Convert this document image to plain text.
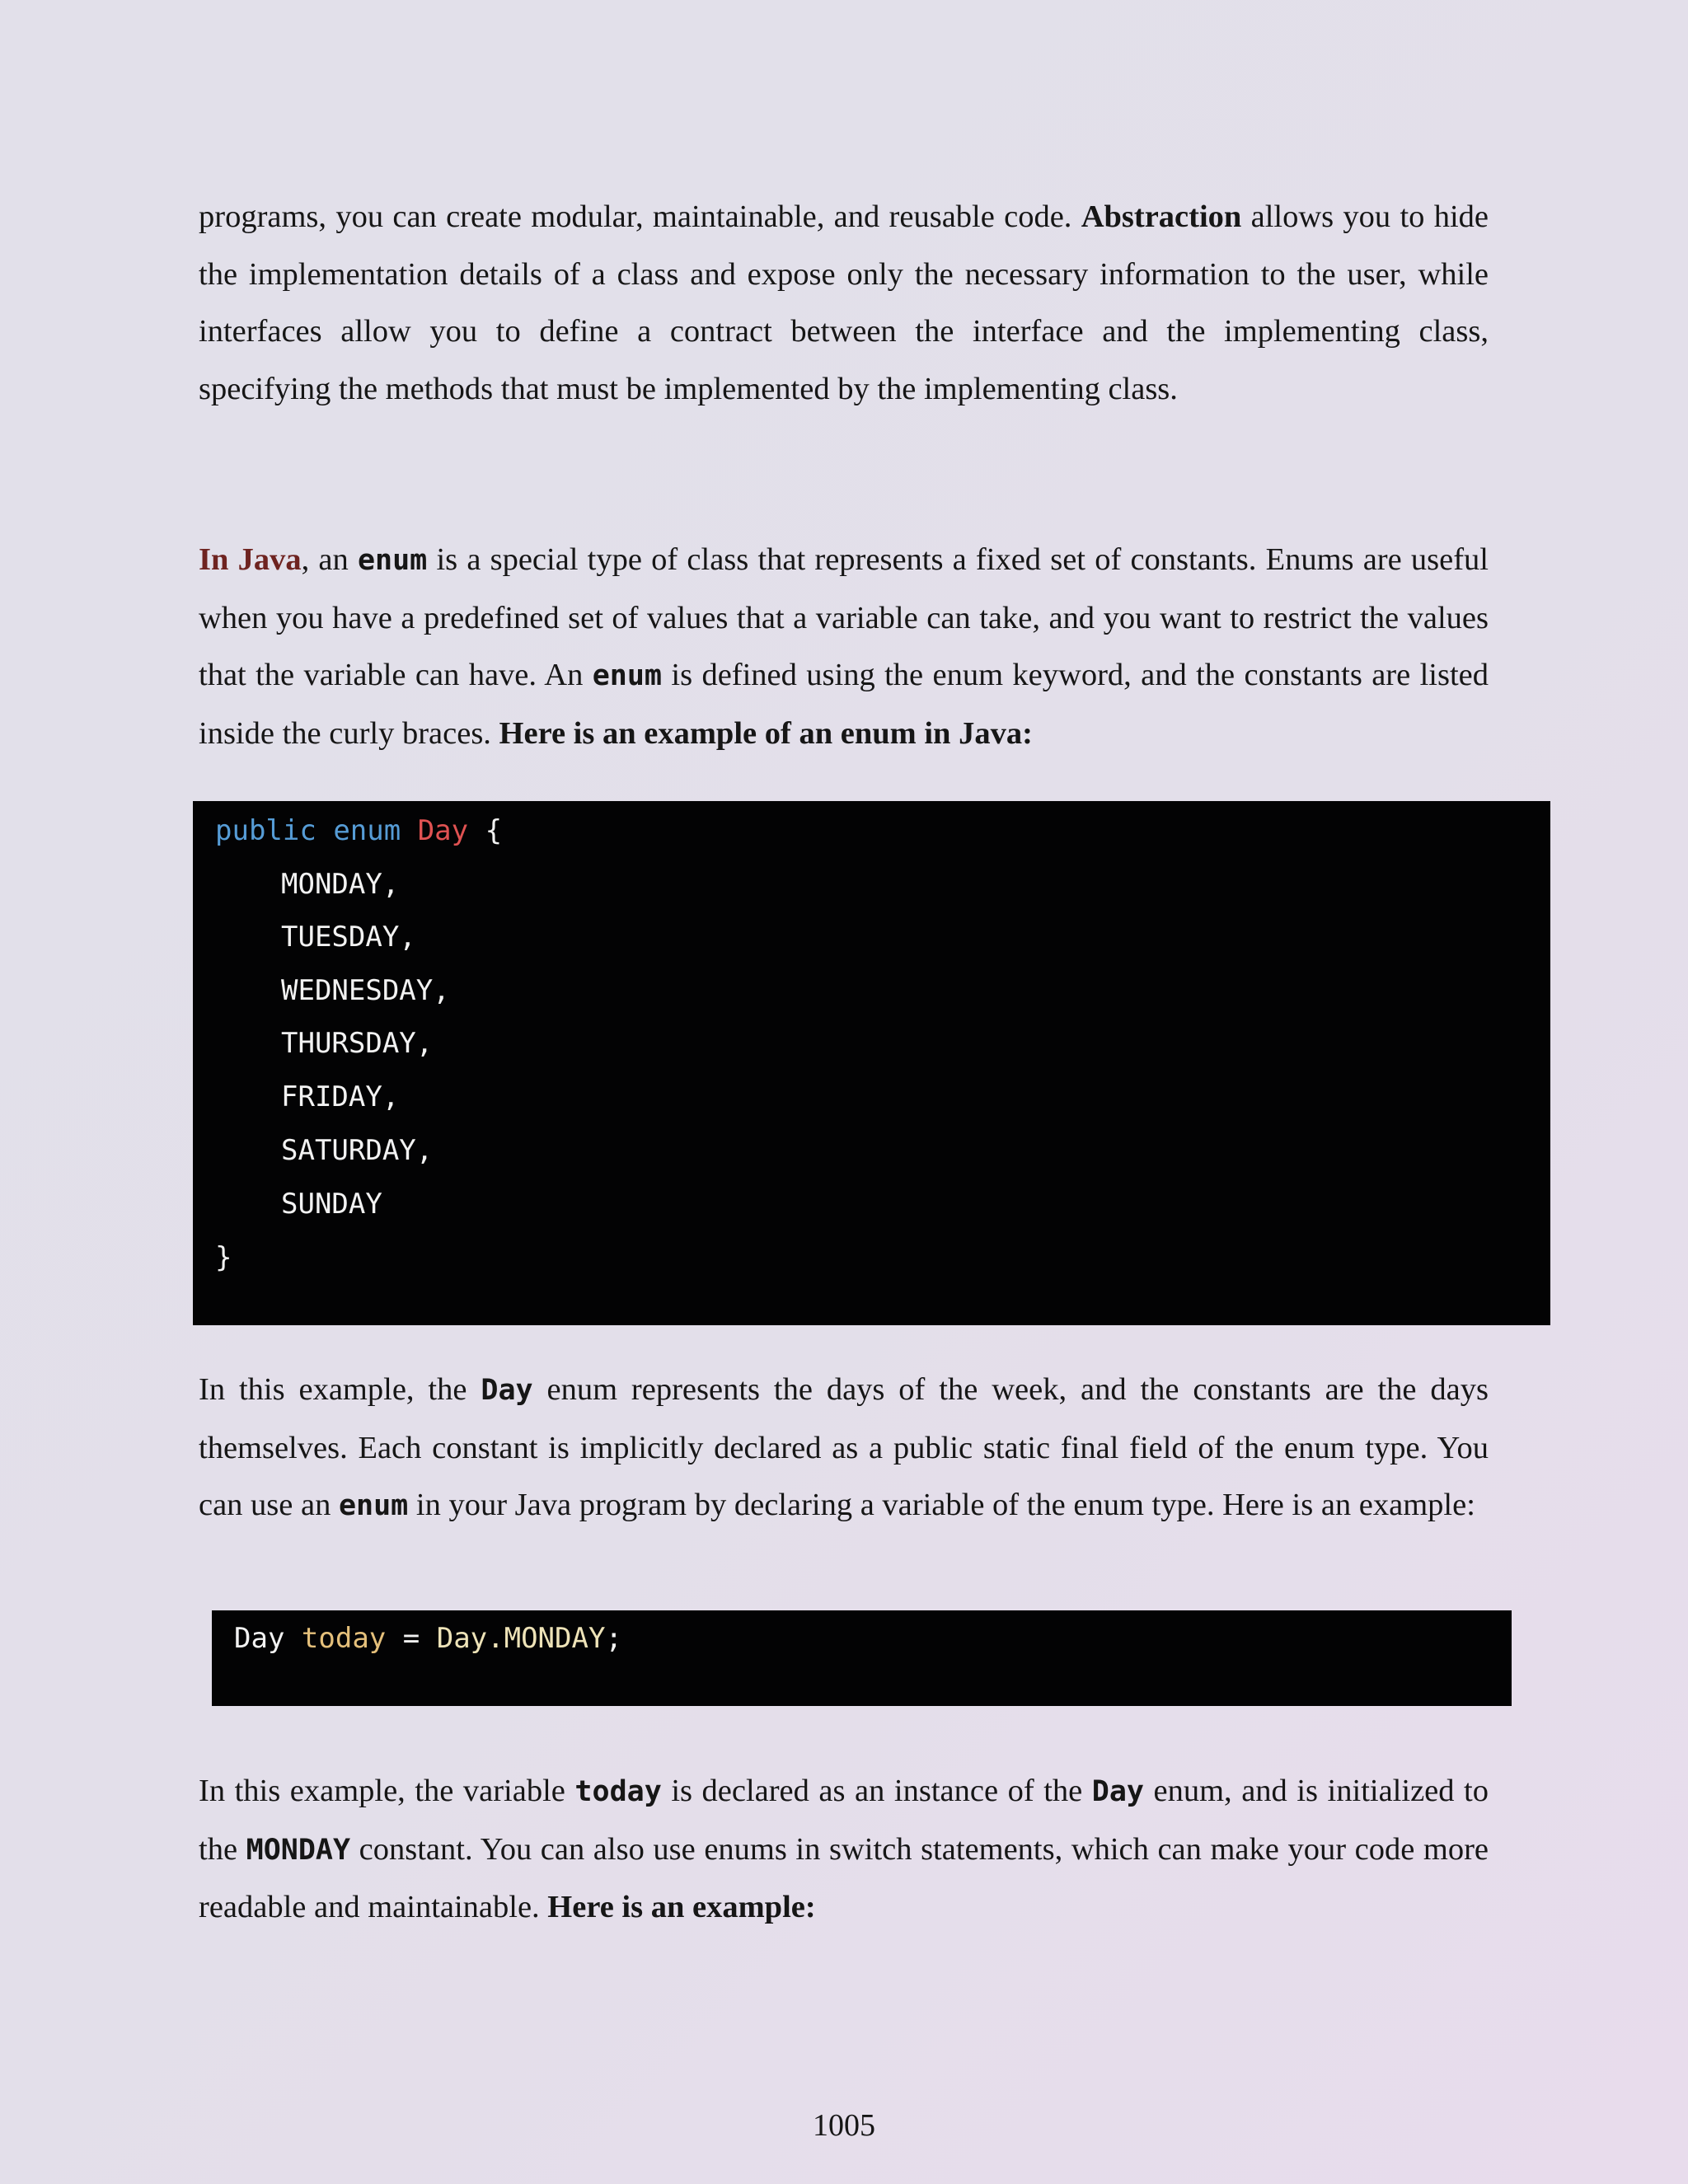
programs, you can create modular, maintainable, and reusable code. Abstraction allows you to hide the implementation details of a class and expose only the necessary information to the user, while interfaces allow you to define a contract between the interface and the implementing class, specifying the methods that must be implemented by the implementing class.

In Java, an enum is a special type of class that represents a fixed set of constants. Enums are useful when you have a predefined set of values that a variable can take, and you want to restrict the values that the variable can have. An enum is defined using the enum keyword, and the constants are listed inside the curly braces. Here is an example of an enum in Java:

public enum Day {
MONDAY,
TUESDAY,
WEDNESDAY,
THURSDAY,
FRIDAY,
SATURDAY,
SUNDAY
}

In this example, the Day enum represents the days of the week, and the constants are the days themselves. Each constant is implicitly declared as a public static final field of the enum type. You can use an enum in your Java program by declaring a variable of the enum type. Here is an example:

Day today = Day.MONDAY;

In this example, the variable today is declared as an instance of the Day enum, and is initialized to the MONDAY constant. You can also use enums in switch statements, which can make your code more readable and maintainable. Here is an example:

1005
